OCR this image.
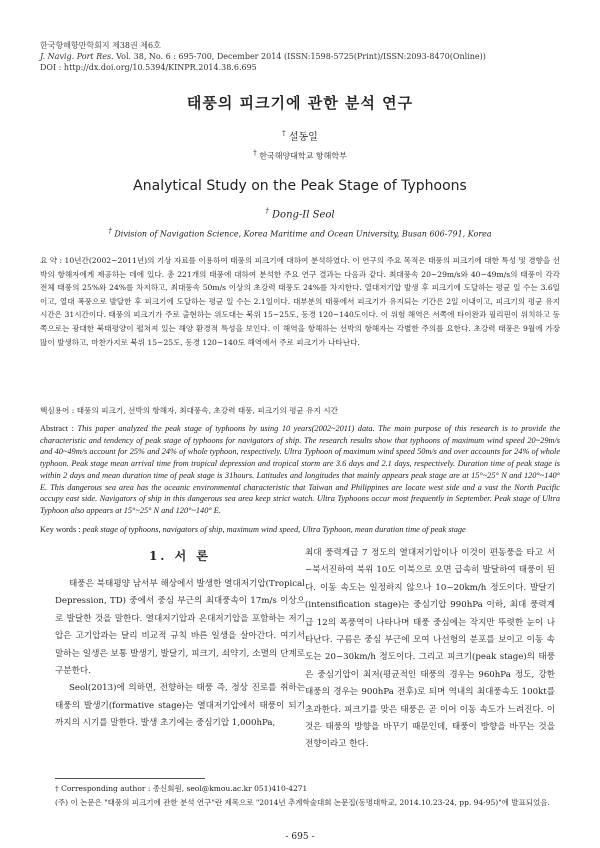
한국항해항만학회지 제38권 제6호
J. Navig. Port Res. Vol. 38, No. 6 : 695-700, December 2014 (ISSN:1598-5725(Print)/ISSN:2093-8470(Online))
DOI : http://dx.doi.org/10.5394/KINPR.2014.38.6.695
태풍의 피크기에 관한 분석 연구
† 설동일
† 한국해양대학교 항해학부
Analytical Study on the Peak Stage of Typhoons
† Dong-Il Seol
† Division of Navigation Science, Korea Maritime and Ocean University, Busan 606-791, Korea
요 약 : 10년간(2002~2011년)의 기상 자료를 이용하여 태풍의 피크기에 대하여 분석하였다. 이 연구의 주요 목적은 태풍의 피크기에 대한 특성 및 경향을 선박의 항해자에게 제공하는 데에 있다. 총 221개의 태풍에 대하여 분석한 주요 연구 결과는 다음과 같다. 최대풍속 20~29m/s와 40~49m/s의 태풍이 각각 전체 태풍의 25%와 24%를 차지하고, 최대풍속 50m/s 이상의 초강력 태풍도 24%를 차지한다. 열대저기압 발생 후 피크기에 도달하는 평균 일 수는 3.6일이고, 열대 폭풍으로 발달한 후 피크기에 도달하는 평균 일 수는 2.1일이다. 대부분의 태풍에서 피크기가 유지되는 기간은 2일 이내이고, 피크기의 평균 유지 시간은 31시간이다. 태풍의 피크기가 주로 출현하는 위도대는 북위 15~25도, 동경 120~140도이다. 이 위험 해역은 서쪽에 타이완과 필리핀이 위치하고 동쪽으로는 광대한 북태평양이 펼쳐져 있는 해양 환경적 특성을 보인다. 이 해역을 항해하는 선박의 항해자는 각별한 주의를 요한다. 초강력 태풍은 9월에 가장 많이 발생하고, 마찬가지로 북위 15~25도, 동경 120~140도 해역에서 주로 피크기가 나타난다.
핵심용어 : 태풍의 피크기, 선박의 항해자, 최대풍속, 초강력 태풍, 피크기의 평균 유지 시간
Abstract : This paper analyzed the peak stage of typhoons by using 10 years(2002~2011) data. The main purpose of this research is to provide the characteristic and tendency of peak stage of typhoons for navigators of ship. The research results show that typhoons of maximum wind speed 20~29m/s and 40~49m/s account for 25% and 24% of whole typhoon, respectively. Ultra Typhoon of maximum wind speed 50m/s and over accounts for 24% of whole typhoon. Peak stage mean arrival time from tropical depression and tropical storm are 3.6 days and 2.1 days, respectively. Duration time of peak stage is within 2 days and mean duration time of peak stage is 31hours. Latitudes and longitudes that mainly appears peak stage are at 15°~25° N and 120°~140° E. This dangerous sea area has the oceanic environmental characteristic that Taiwan and Philippines are locate west side and a vast the North Pacific occupy east side. Navigators of ship in this dangerous sea area keep strict watch. Ultra Typhoons occur most frequently in September. Peak stage of Ultra Typhoon also appears at 15°~25° N and 120°~140° E.
Key words : peak stage of typhoons, navigators of ship, maximum wind speed, Ultra Typhoon, mean duration time of peak stage
1. 서 론

태풍은 북태평양 남서부 해상에서 발생한 열대저기압(Tropical Depression, TD) 중에서 중심 부근의 최대풍속이 17m/s 이상으로 발달한 것을 말한다. 열대저기압과 온대저기압을 포함하는 저기압은 고기압과는 달리 비교적 규칙 바른 일생을 살아간다. 여기서 말하는 일생은 보통 발생기, 발달기, 피크기, 쇠약기, 소멸의 단계로 구분한다.

Seol(2013)에 의하면, 전향하는 태풍 즉, 정상 진로를 취하는 태풍의 발생기(formative stage)는 열대저기압에서 태풍이 되기까지의 시기를 말한다. 발생 초기에는 중심기압 1,000hPa,

최대 풍력계급 7 정도의 열대저기압이나 이것이 편동풍을 타고 서~북서진하여 북위 10도 이북으로 오면 급속히 발달하여 태풍이 된다. 이동 속도는 일정하지 않으나 10~20km/h 정도이다. 발달기(intensification stage)는 중심기압 990hPa 이하, 최대 풍력계급 12의 폭풍역이 나타나며 태풍 중심에는 작지만 뚜렷한 눈이 나타난다. 구름은 중심 부근에 모여 나선형의 분포를 보이고 이동 속도는 20~30km/h 정도이다. 그리고 피크기(peak stage)의 태풍은 중심기압이 최저(평균적인 태풍의 경우는 960hPa 정도, 강한 태풍의 경우는 900hPa 전후)로 되며 역내의 최대풍속도 100kt를 초과한다. 피크기를 맞은 태풍은 곧 이어 이동 속도가 느려진다. 이것은 태풍의 방향을 바꾸기 때문인데, 태풍이 방향을 바꾸는 것을 전향이라고 한다.

† Corresponding author : 종신회원, seol@kmou.ac.kr 051)410-4271
(주) 이 논문은 "태풍의 피크기에 관한 분석 연구"란 제목으로 "2014년 추계학술대회 논문집(동명대학교, 2014.10.23-24, pp. 94-95)"에 발표되었음.
- 695 -
